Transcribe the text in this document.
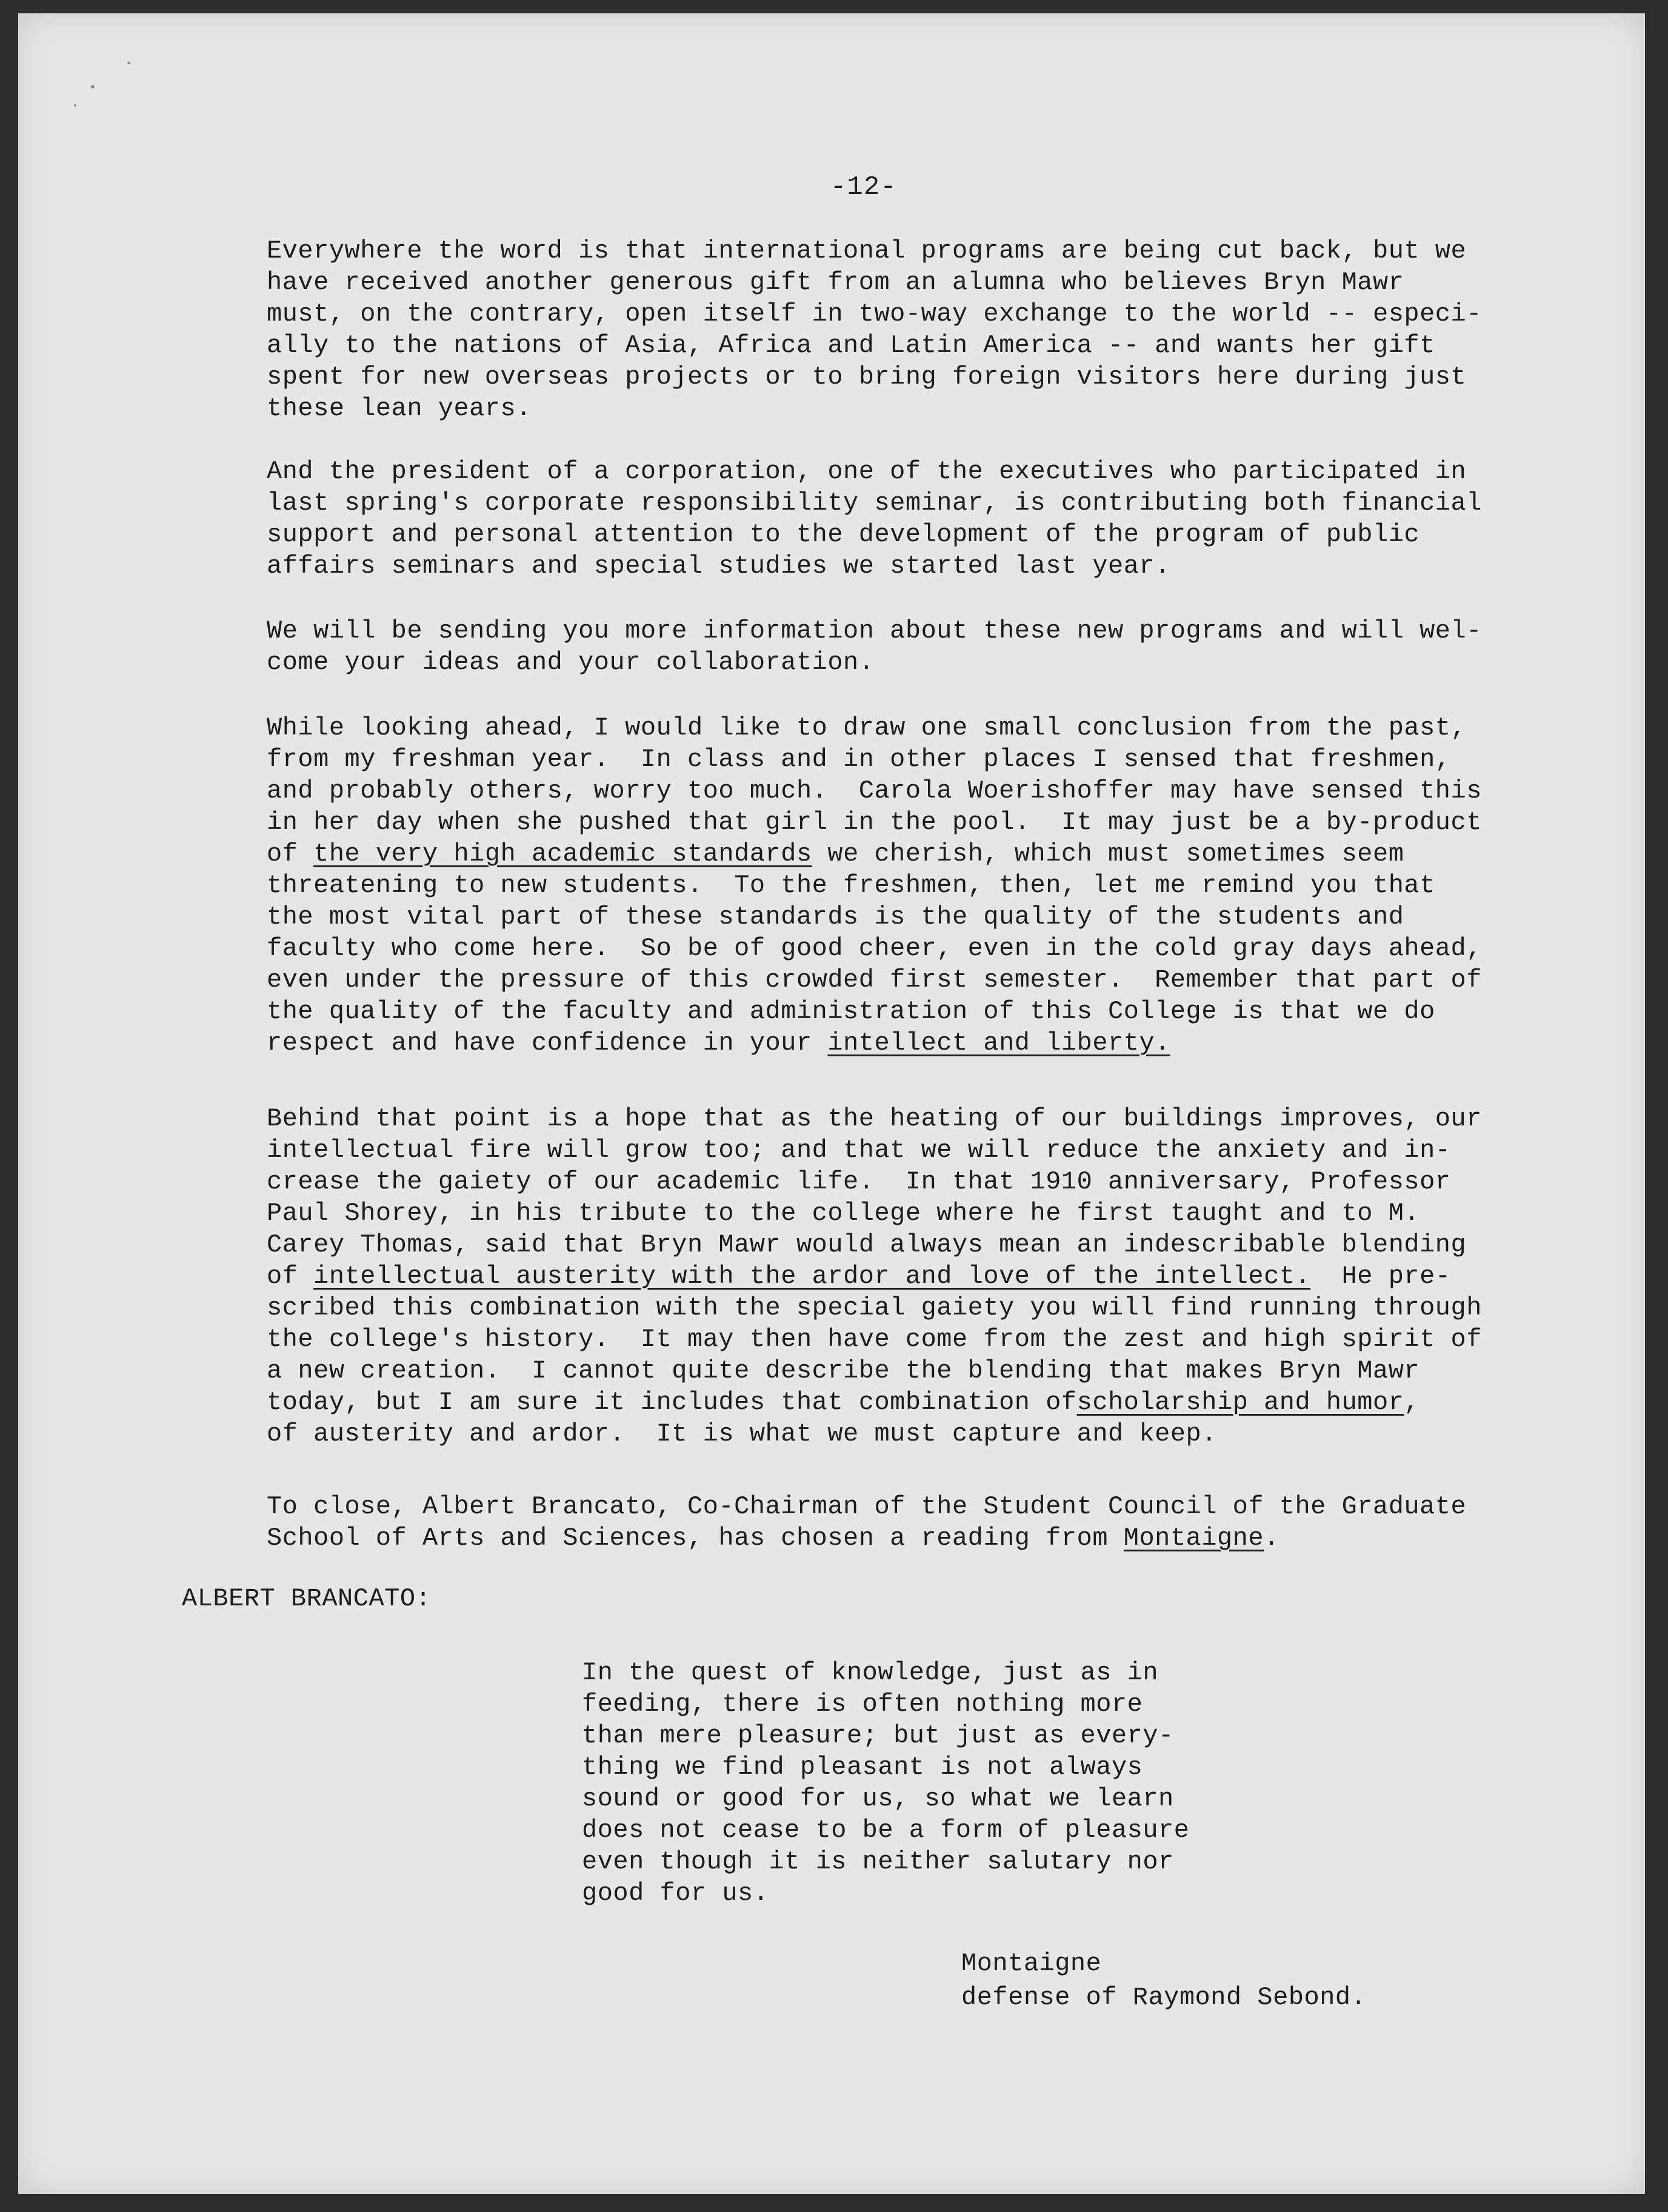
-12-
Everywhere the word is that international programs are being cut back, but we
have received another generous gift from an alumna who believes Bryn Mawr
must, on the contrary, open itself in two-way exchange to the world -- especi-
ally to the nations of Asia, Africa and Latin America -- and wants her gift
spent for new overseas projects or to bring foreign visitors here during just
these lean years.
And the president of a corporation, one of the executives who participated in
last spring's corporate responsibility seminar, is contributing both financial
support and personal attention to the development of the program of public
affairs seminars and special studies we started last year.
We will be sending you more information about these new programs and will wel-
come your ideas and your collaboration.
While looking ahead, I would like to draw one small conclusion from the past,
from my freshman year.  In class and in other places I sensed that freshmen,
and probably others, worry too much.  Carola Woerishoffer may have sensed this
in her day when she pushed that girl in the pool.  It may just be a by-product
of the very high academic standards we cherish, which must sometimes seem
threatening to new students.  To the freshmen, then, let me remind you that
the most vital part of these standards is the quality of the students and
faculty who come here.  So be of good cheer, even in the cold gray days ahead,
even under the pressure of this crowded first semester.  Remember that part of
the quality of the faculty and administration of this College is that we do
respect and have confidence in your intellect and liberty.
Behind that point is a hope that as the heating of our buildings improves, our
intellectual fire will grow too; and that we will reduce the anxiety and in-
crease the gaiety of our academic life.  In that 1910 anniversary, Professor
Paul Shorey, in his tribute to the college where he first taught and to M.
Carey Thomas, said that Bryn Mawr would always mean an indescribable blending
of intellectual austerity with the ardor and love of the intellect.  He pre-
scribed this combination with the special gaiety you will find running through
the college's history.  It may then have come from the zest and high spirit of
a new creation.  I cannot quite describe the blending that makes Bryn Mawr
today, but I am sure it includes that combination ofscholarship and humor,
of austerity and ardor.  It is what we must capture and keep.
To close, Albert Brancato, Co-Chairman of the Student Council of the Graduate
School of Arts and Sciences, has chosen a reading from Montaigne.
ALBERT BRANCATO:
In the quest of knowledge, just as in
feeding, there is often nothing more
than mere pleasure; but just as every-
thing we find pleasant is not always
sound or good for us, so what we learn
does not cease to be a form of pleasure
even though it is neither salutary nor
good for us.
Montaigne
defense of Raymond Sebond.
